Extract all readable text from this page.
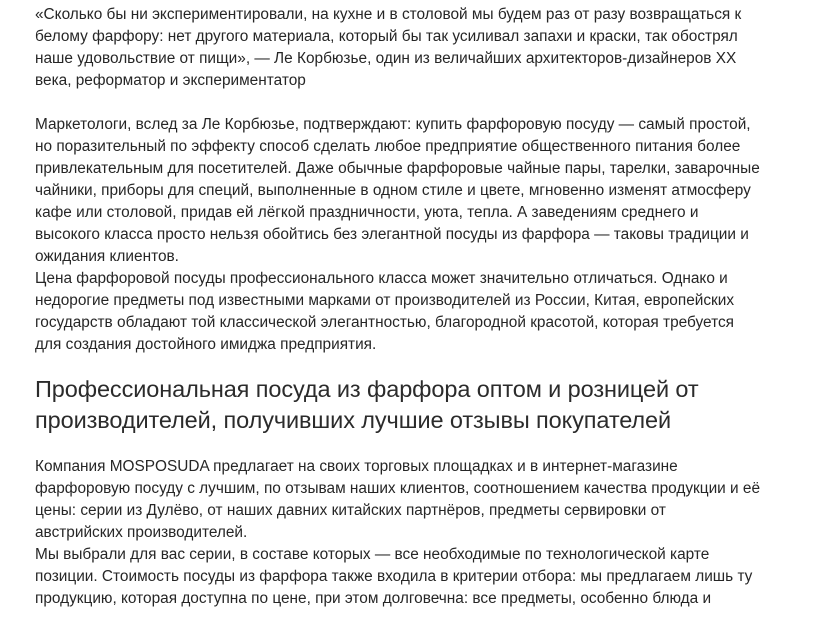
«Сколько бы ни экспериментировали, на кухне и в столовой мы будем раз от разу возвращаться к
белому фарфору: нет другого материала, который бы так усиливал запахи и краски, так обострял
наше удовольствие от пищи», — Ле Корбюзье, один из величайших архитекторов-дизайнеров XX
века, реформатор и экспериментатор

Маркетологи, вслед за Ле Корбюзье, подтверждают: купить фарфоровую посуду — самый простой,
но поразительный по эффекту способ сделать любое предприятие общественного питания более
привлекательным для посетителей. Даже обычные фарфоровые чайные пары, тарелки, заварочные
чайники, приборы для специй, выполненные в одном стиле и цвете, мгновенно изменят атмосферу
кафе или столовой, придав ей лёгкой праздничности, уюта, тепла. А заведениям среднего и
высокого класса просто нельзя обойтись без элегантной посуды из фарфора — таковы традиции и
ожидания клиентов.

Цена фарфоровой посуды профессионального класса может значительно отличаться. Однако и
недорогие предметы под известными марками от производителей из России, Китая, европейских
государств обладают той классической элегантностью, благородной красотой, которая требуется
для создания достойного имиджа предприятия.

Профессиональная посуда из фарфора оптом и розницей от
производителей, получивших лучшие отзывы покупателей

Компания MOSPOSUDA предлагает на своих торговых площадках и в интернет-магазине
фарфоровую посуду с лучшим, по отзывам наших клиентов, соотношением качества продукции и её
цены: серии из Дулёво, от наших давних китайских партнёров, предметы сервировки от
австрийских производителей.

Мы выбрали для вас серии, в составе которых — все необходимые по технологической карте
позиции. Стоимость посуды из фарфора также входила в критерии отбора: мы предлагаем лишь ту
продукцию, которая доступна по цене, при этом долговечна: все предметы, особенно блюда и
